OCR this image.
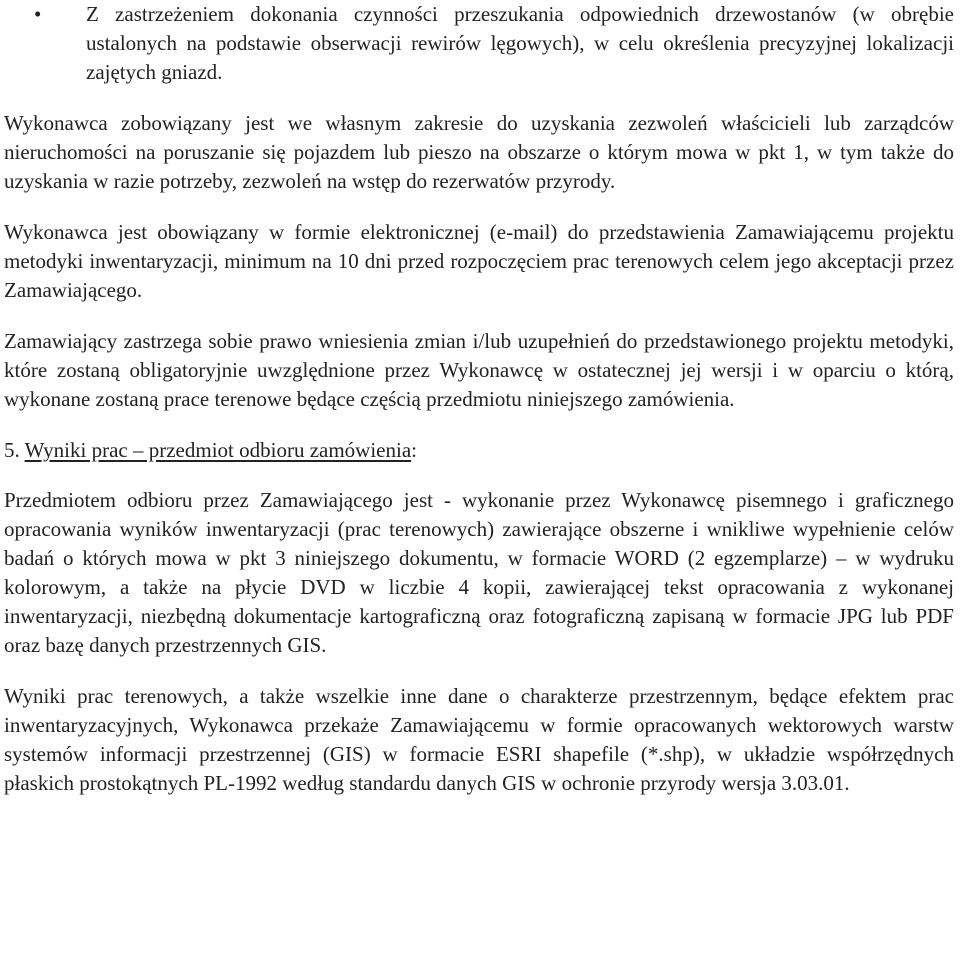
• Z zastrzeżeniem dokonania czynności przeszukania odpowiednich drzewostanów (w obrębie ustalonych na podstawie obserwacji rewirów lęgowych), w celu określenia precyzyjnej lokalizacji zajętych gniazd.

Wykonawca zobowiązany jest we własnym zakresie do uzyskania zezwoleń właścicieli lub zarządców nieruchomości na poruszanie się pojazdem lub pieszo na obszarze o którym mowa w pkt 1, w tym także do uzyskania w razie potrzeby, zezwoleń na wstęp do rezerwatów przyrody.

Wykonawca jest obowiązany w formie elektronicznej (e-mail) do przedstawienia Zamawiającemu projektu metodyki inwentaryzacji, minimum na 10 dni przed rozpoczęciem prac terenowych celem jego akceptacji przez Zamawiającego.

Zamawiający zastrzega sobie prawo wniesienia zmian i/lub uzupełnień do przedstawionego projektu metodyki, które zostaną obligatoryjnie uwzględnione przez Wykonawcę w ostatecznej jej wersji i w oparciu o którą, wykonane zostaną prace terenowe będące częścią przedmiotu niniejszego zamówienia.

5. Wyniki prac – przedmiot odbioru zamówienia:

Przedmiotem odbioru przez Zamawiającego jest - wykonanie przez Wykonawcę pisemnego i graficznego opracowania wyników inwentaryzacji (prac terenowych) zawierające obszerne i wnikliwe wypełnienie celów badań o których mowa w pkt 3 niniejszego dokumentu, w formacie WORD (2 egzemplarze) – w wydruku kolorowym, a także na płycie DVD w liczbie 4 kopii, zawierającej tekst opracowania z wykonanej inwentaryzacji, niezbędną dokumentacje kartograficzną oraz fotograficzną zapisaną w formacie JPG lub PDF oraz bazę danych przestrzennych GIS.

Wyniki prac terenowych, a także wszelkie inne dane o charakterze przestrzennym, będące efektem prac inwentaryzacyjnych, Wykonawca przekaże Zamawiającemu w formie opracowanych wektorowych warstw systemów informacji przestrzennej (GIS) w formacie ESRI shapefile (*.shp), w układzie współrzędnych płaskich prostokątnych PL-1992 według standardu danych GIS w ochronie przyrody wersja 3.03.01.
